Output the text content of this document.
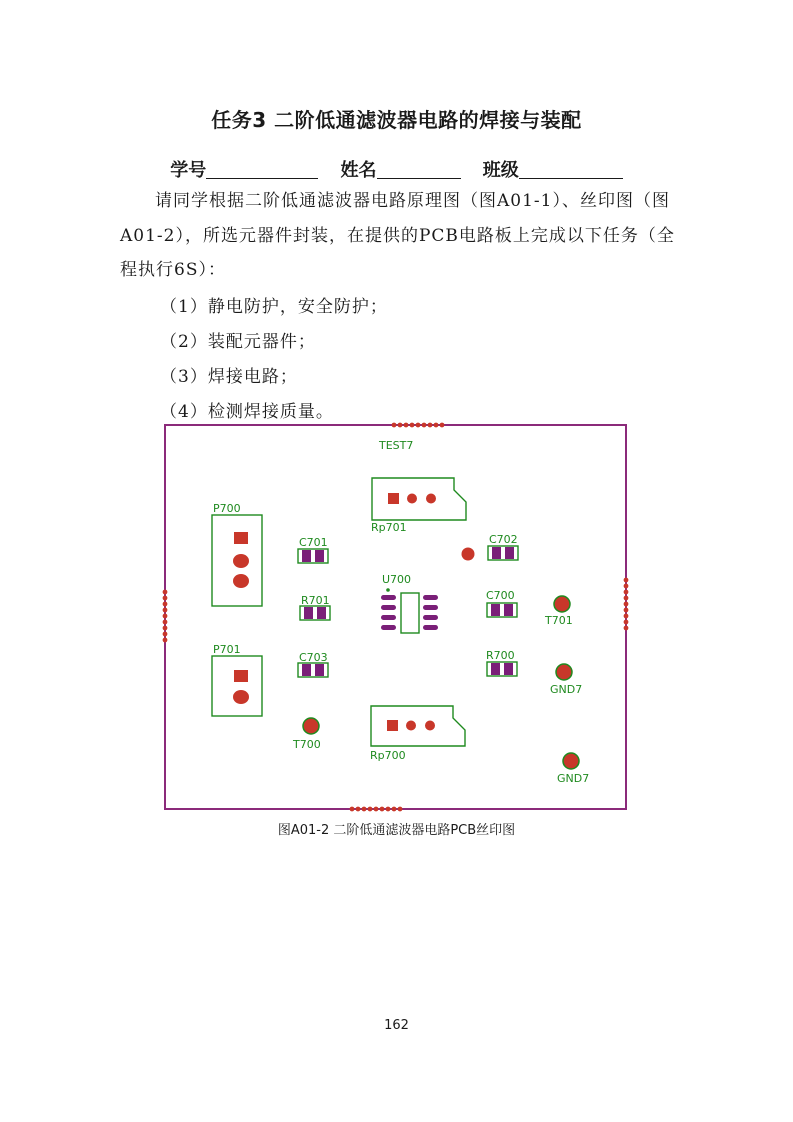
任务3 二阶低通滤波器电路的焊接与装配
学号	姓名	班级
请同学根据二阶低通滤波器电路原理图（图A01-1）、丝印图（图
A01-2），所选元器件封装，在提供的PCB电路板上完成以下任务（全
程执行6S）：
（1）静电防护，安全防护；
（2）装配元器件；
（3）焊接电路；
（4）检测焊接质量。
TEST7
Rp701
P700
P701
C701
R701
C703
T700
U700
C702
C700
R700
T701
GND7
Rp700
GND7
图A01-2 二阶低通滤波器电路PCB丝印图
162
